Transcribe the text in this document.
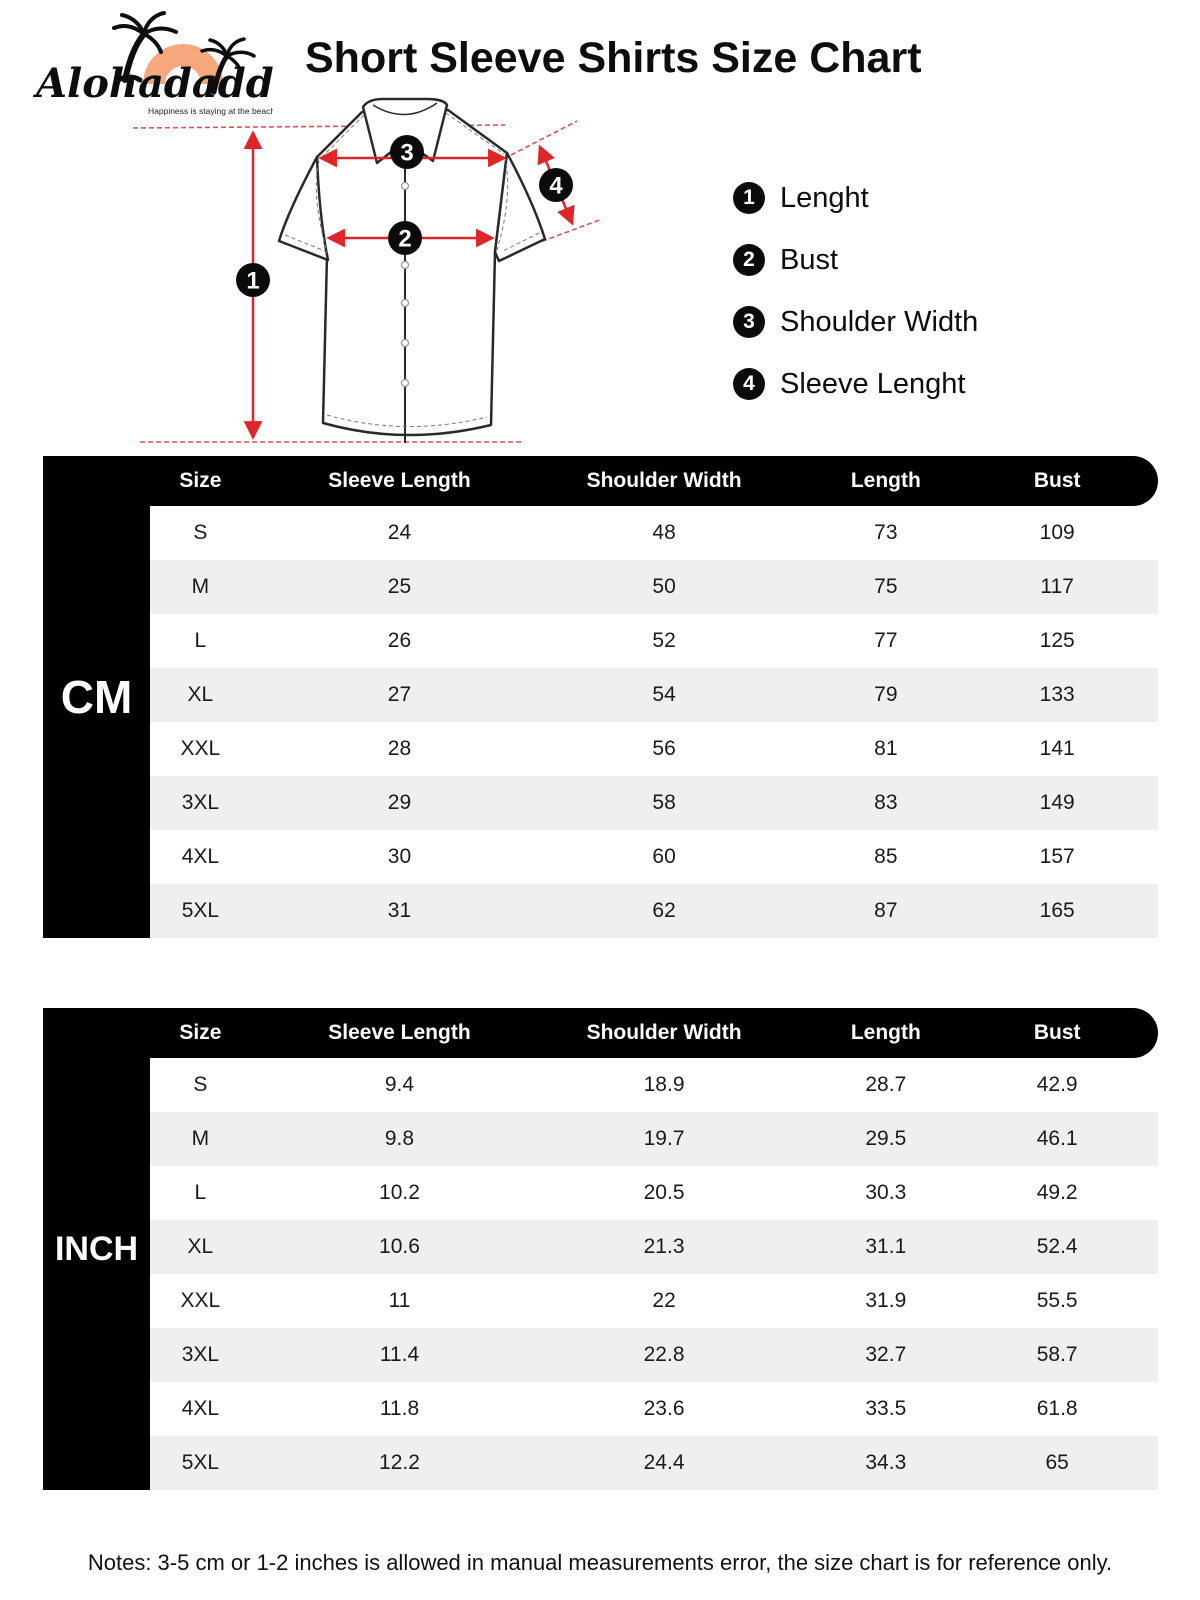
Alohadaddy
Happiness is staying at the beach
Short Sleeve Shirts Size Chart
1
2
3
4	1 Lenght
2 Bust
3 Shoulder Width
4 Sleeve Lenght
CM
S	24	48	73	109
M	25	50	75	117
L	26	52	77	125
XL	27	54	79	133
XXL	28	56	81	141
3XL	29	58	83	149
4XL	30	60	85	157
5XL	31	62	87	165
Size	Sleeve Length	Shoulder Width	Length	Bust
INCH
S	9.4	18.9	28.7	42.9
M	9.8	19.7	29.5	46.1
L	10.2	20.5	30.3	49.2
XL	10.6	21.3	31.1	52.4
XXL	11	22	31.9	55.5
3XL	11.4	22.8	32.7	58.7
4XL	11.8	23.6	33.5	61.8
5XL	12.2	24.4	34.3	65
Size	Sleeve Length	Shoulder Width	Length	Bust

Notes: 3-5 cm or 1-2 inches is allowed in manual measurements error, the size chart is for reference only.
